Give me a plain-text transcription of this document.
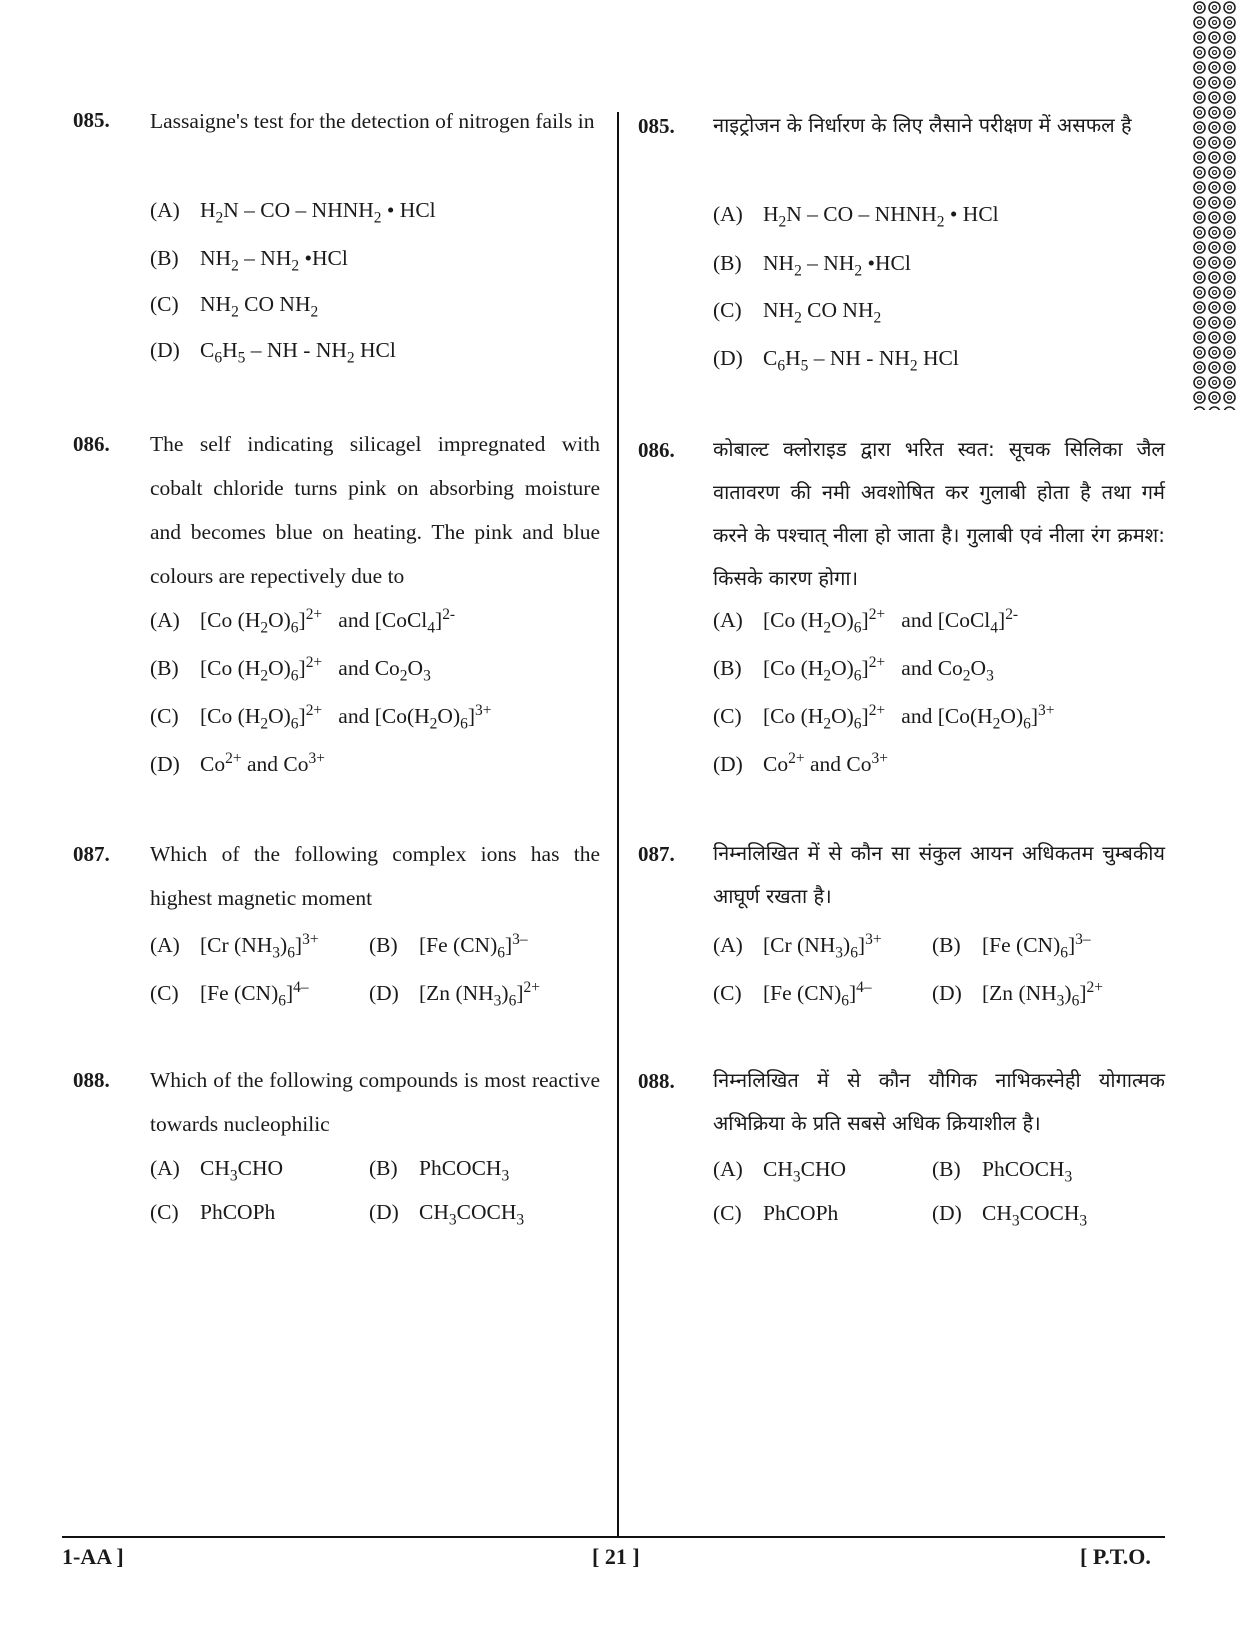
085. Lassaigne's test for the detection of nitrogen fails in
(A) $H_2N$ – CO – $NHNH_2$ • HCl
(B) $NH_2 - NH_2$ •HCl
(C) $NH_2$ CO $NH_2$
(D) $C_6H_5$ – NH - $NH_2$ HCl
086. The self indicating silicagel impregnated with cobalt chloride turns pink on absorbing moisture and becomes blue on heating. The pink and blue colours are repectively due to
(A) [Co $(H_2O)_6]^{2+}$ and [CoCl$_4$]$^{2-}$
(B) [Co $(H_2O)_6]^{2+}$ and $Co_2O_3$
(C) [Co $(H_2O)_6]^{2+}$ and $[Co(H_2O)_6]^{3+}$
(D) $Co^{2+}$ and $Co^{3+}$
087. Which of the following complex ions has the highest magnetic moment
(A) [Cr $(NH_3)_6]^{3+}$ (B) [Fe $(CN)_6]^{3-}$
(C) [Fe $(CN)_6]^{4-}$	(D) [Zn $(NH_3)_6]^{2+}$
088. Which of the following compounds is most reactive towards nucleophilic
(A) $CH_3CHO$	(B) PhCOCH$_3$
(C) PhCOPh	(D) $CH_3COCH_3$
085. नाइट्रोजन के निर्धारण के लिए लैसाने परीक्षण में असफल है
(A) $H_2N$ – CO – $NHNH_2$ • HCl
(B) $NH_2 - NH_2$ •HCl
(C) $NH_2$ CO $NH_2$
(D) $C_6H_5$ – NH - $NH_2$ HCl
086. कोबाल्ट क्लोराइड द्वारा भरित स्वत: सूचक सिलिका जैल वातावरण की नमी अवशोषित कर गुलाबी होता है तथा गर्म करने के पश्चात् नीला हो जाता है। गुलाबी एवं नीला रंग क्रमश: किसके कारण होगा।
(A) [Co $(H_2O)_6]^{2+}$ and [CoCl$_4$]$^{2-}$
(B) [Co $(H_2O)_6]^{2+}$ and $Co_2O_3$
(C) [Co $(H_2O)_6]^{2+}$ and $[Co(H_2O)_6]^{3+}$
(D) $Co^{2+}$ and $Co^{3+}$
087. निम्नलिखित में से कौन सा संकुल आयन अधिकतम चुम्बकीय आघूर्ण रखता है।
(A) [Cr $(NH_3)_6]^{3+}$ (B) [Fe $(CN)_6]^{3-}$
(C) [Fe $(CN)_6]^{4-}$	(D) [Zn $(NH_3)_6]^{2+}$
088. निम्नलिखित में से कौन यौगिक नाभिकस्नेही योगात्मक अभिक्रिया के प्रति सबसे अधिक क्रियाशील है।
(A) $CH_3CHO$	(B) PhCOCH$_3$
(C) PhCOPh	(D) $CH_3COCH_3$
1-AA ]	[ 21 ]	[ P.T.O.
